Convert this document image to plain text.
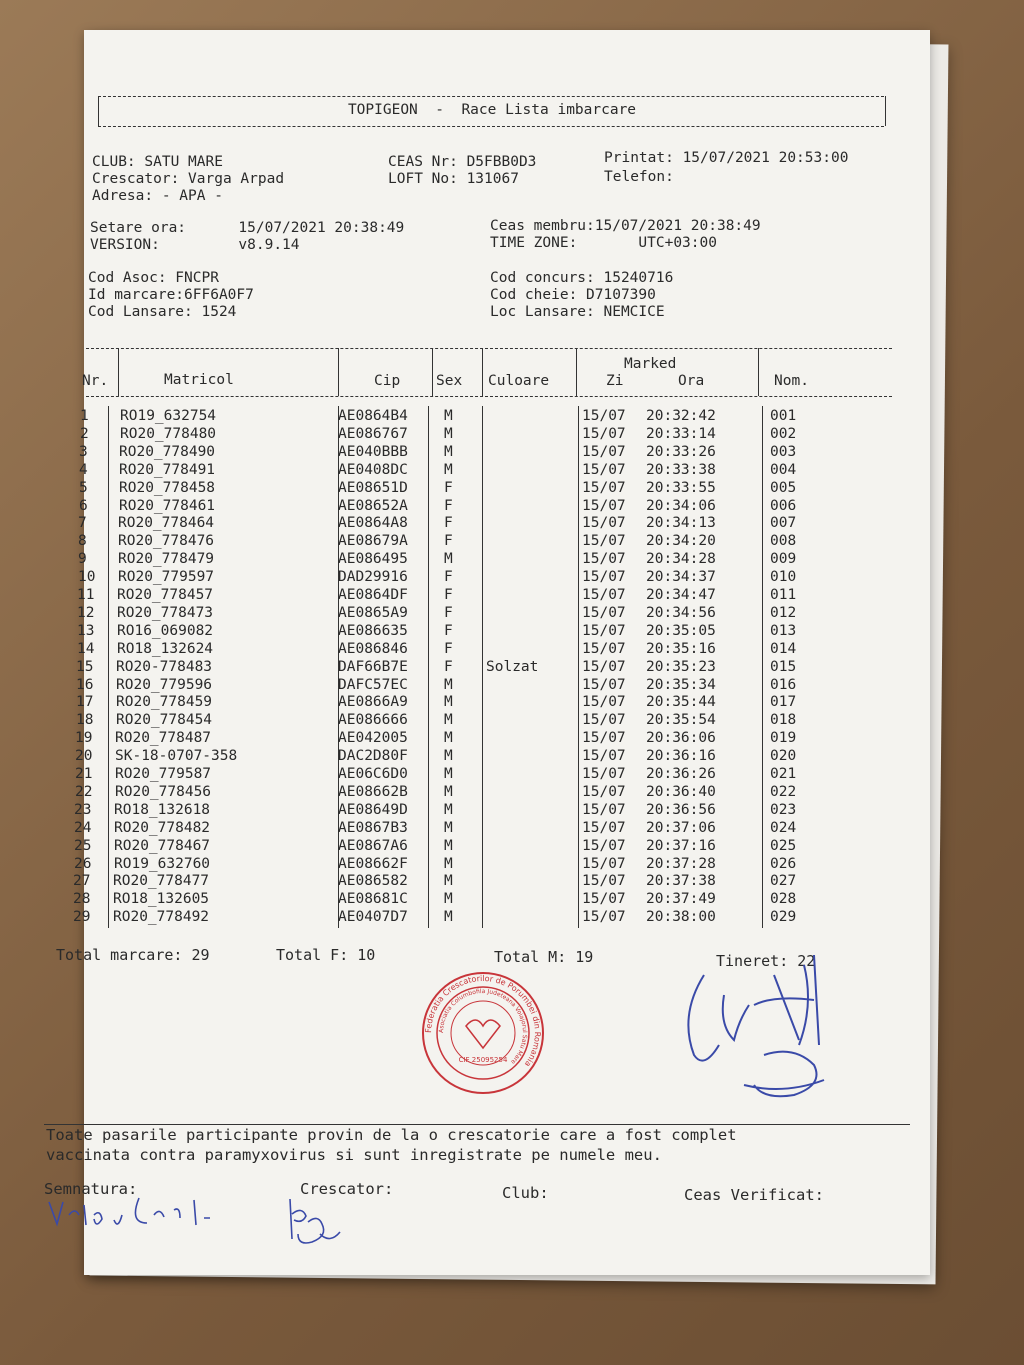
TOPIGEON  -  Race Lista imbarcare
CLUB: SATU MARE
Crescator: Varga Arpad
Adresa: - APA -
CEAS Nr: D5FBB0D3
LOFT No: 131067
Printat: 15/07/2021 20:53:00
Telefon:
Setare ora:      15/07/2021 20:38:49
VERSION:         v8.9.14
Ceas membru:15/07/2021 20:38:49
TIME ZONE:       UTC+03:00
Cod Asoc: FNCPR
Id marcare:6FF6A0F7
Cod Lansare: 1524
Cod concurs: 15240716
Cod cheie: D7107390
Loc Lansare: NEMCICE
Marked
Nr.	Matricol	Cip Sex Culoare	Zi	Ora	Nom.
1 RO19_632754	AE0864B4 M	15/07 20:32:42	001
2 RO20_778480	AE086767 M	15/07 20:33:14	002
3 RO20_778490	AE040BBB M	15/07 20:33:26	003
4 RO20_778491	AE0408DC M	15/07 20:33:38	004
5 RO20_778458	AE08651D F	15/07 20:33:55	005
6 RO20_778461	AE08652A F	15/07 20:34:06	006
7 RO20_778464	AE0864A8 F	15/07 20:34:13	007
8 RO20_778476	AE08679A F	15/07 20:34:20	008
9 RO20_778479	AE086495 M	15/07 20:34:28	009
10 RO20_779597	DAD29916 F	15/07 20:34:37	010
11 RO20_778457	AE0864DF F	15/07 20:34:47	011
12 RO20_778473	AE0865A9 F	15/07 20:34:56	012
13 RO16_069082	AE086635 F	15/07 20:35:05	013
14 RO18_132624	AE086846 F	15/07 20:35:16	014
15 RO20-778483	DAF66B7E F Solzat	15/07 20:35:23	015
16 RO20_779596	DAFC57EC M	15/07 20:35:34	016
17 RO20_778459	AE0866A9 M	15/07 20:35:44	017
18 RO20_778454	AE086666 M	15/07 20:35:54	018
19 RO20_778487	AE042005 M	15/07 20:36:06	019
20 SK-18-0707-358	DAC2D80F M	15/07 20:36:16	020
21 RO20_779587	AE06C6D0 M	15/07 20:36:26	021
22 RO20_778456	AE08662B M	15/07 20:36:40	022
23 RO18_132618	AE08649D M	15/07 20:36:56	023
24 RO20_778482	AE0867B3 M	15/07 20:37:06	024
25 RO20_778467	AE0867A6 M	15/07 20:37:16	025
26 RO19_632760	AE08662F M	15/07 20:37:28	026
27 RO20_778477	AE086582 M	15/07 20:37:38	027
28 RO18_132605	AE08681C M	15/07 20:37:49	028
29 RO20_778492	AE0407D7 M	15/07 20:38:00	029
Total marcare: 29	Total F: 10	Total M: 19	Tineret: 22
Federatia Crescatorilor de Porumbei din Romania
Asociatia Columbofila Judeteana Voiajorul Satu Mare
CIF 25095254
Toate pasarile participante provin de la o crescatorie care a fost complet
vaccinata contra paramyxovirus si sunt inregistrate pe numele meu.
Semnatura:	Crescator:	Club:	Ceas Verificat:
